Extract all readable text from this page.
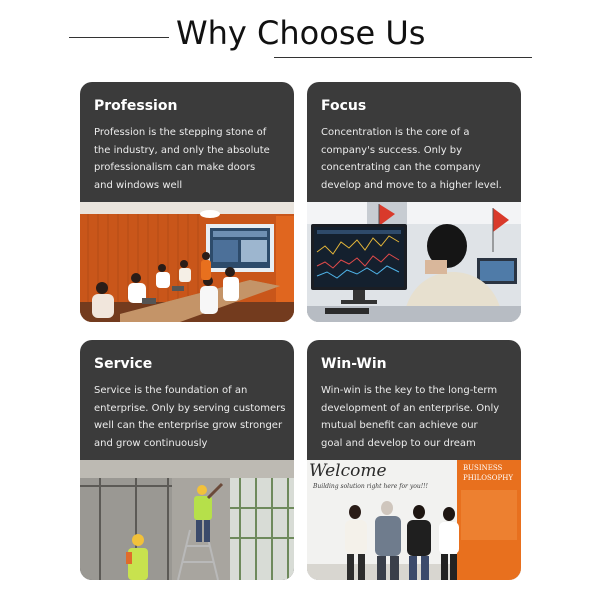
Why Choose Us
Profession
Profession is the stepping stone of
the industry, and only the absolute
professionalism can make doors
and windows well
Focus
Concentration is the core of a
company's success. Only by
concentrating can the company
develop and move to a higher level.
Service
Service is the foundation of an
enterprise. Only by serving customers
well can the enterprise grow stronger
and grow continuously
Win-Win
Win-win is the key to the long-term
development of an enterprise. Only
mutual benefit can achieve our
goal and develop to our dream
BUSINESS
PHILOSOPHY
Welcome
Building solution right here for you!!!
